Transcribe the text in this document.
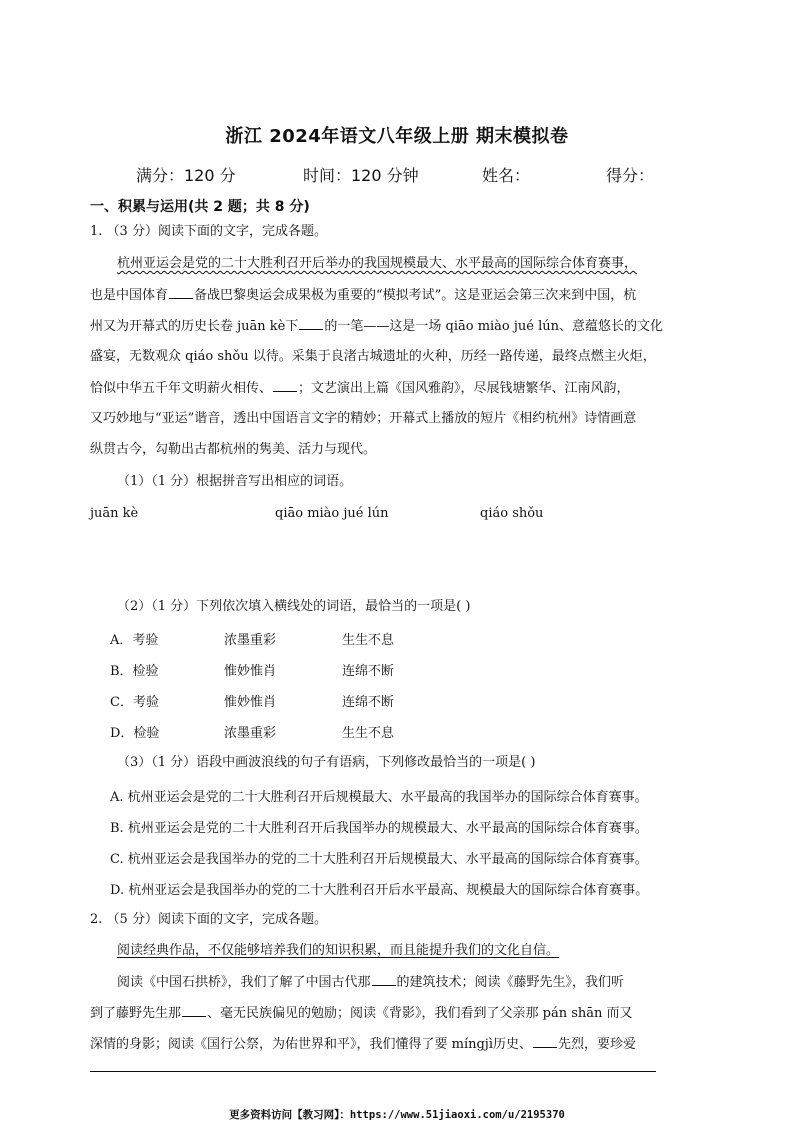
浙江 2024年语文八年级上册 期末模拟卷
满分：120 分	时间：120 分钟	姓名：	得分：
一、积累与运用(共 2 题；共 8 分)
1. （3 分）阅读下面的文字，完成各题。
杭州亚运会是党的二十大胜利召开后举办的我国规模最大、水平最高的国际综合体育赛事，
也是中国体育 备战巴黎奥运会成果极为重要的“模拟考试”。这是亚运会第三次来到中国，杭
州又为开幕式的历史长卷 juān kè下 的一笔——这是一场 qiāo miào jué lún、意蕴悠长的文化
盛宴，无数观众 qiáo shǒu 以待。采集于良渚古城遗址的火种，历经一路传递，最终点燃主火炬，
恰似中华五千年文明薪火相传、 ；文艺演出上篇《国风雅韵》，尽展钱塘繁华、江南风韵，
又巧妙地与“亚运”谐音，透出中国语言文字的精妙；开幕式上播放的短片《相约杭州》诗情画意
纵贯古今，勾勒出古都杭州的隽美、活力与现代。
（1）（1 分）根据拼音写出相应的词语。
juān kè	qiāo miào jué lún	qiáo shǒu
（2）（1 分）下列依次填入横线处的词语，最恰当的一项是( )
A．考验	浓墨重彩	生生不息
B．检验	惟妙惟肖	连绵不断
C．考验	惟妙惟肖	连绵不断
D．检验	浓墨重彩	生生不息
（3）（1 分）语段中画波浪线的句子有语病，下列修改最恰当的一项是( )
A. 杭州亚运会是党的二十大胜利召开后规模最大、水平最高的我国举办的国际综合体育赛事。
B. 杭州亚运会是党的二十大胜利召开后我国举办的规模最大、水平最高的国际综合体育赛事。
C. 杭州亚运会是我国举办的党的二十大胜利召开后规模最大、水平最高的国际综合体育赛事。
D. 杭州亚运会是我国举办的党的二十大胜利召开后水平最高、规模最大的国际综合体育赛事。
2. （5 分）阅读下面的文字，完成各题。
阅读经典作品，不仅能够培养我们的知识积累，而且能提升我们的文化自信。
阅读《中国石拱桥》，我们了解了中国古代那 的建筑技术；阅读《藤野先生》，我们听
到了藤野先生那 、毫无民族偏见的勉励；阅读《背影》，我们看到了父亲那 pán shān 而又
深情的身影；阅读《国行公祭，为佑世界和平》，我们懂得了要 míngjì历史、 先烈，要珍爱
更多资料访问【教习网】：https://www.51jiaoxi.com/u/2195370
